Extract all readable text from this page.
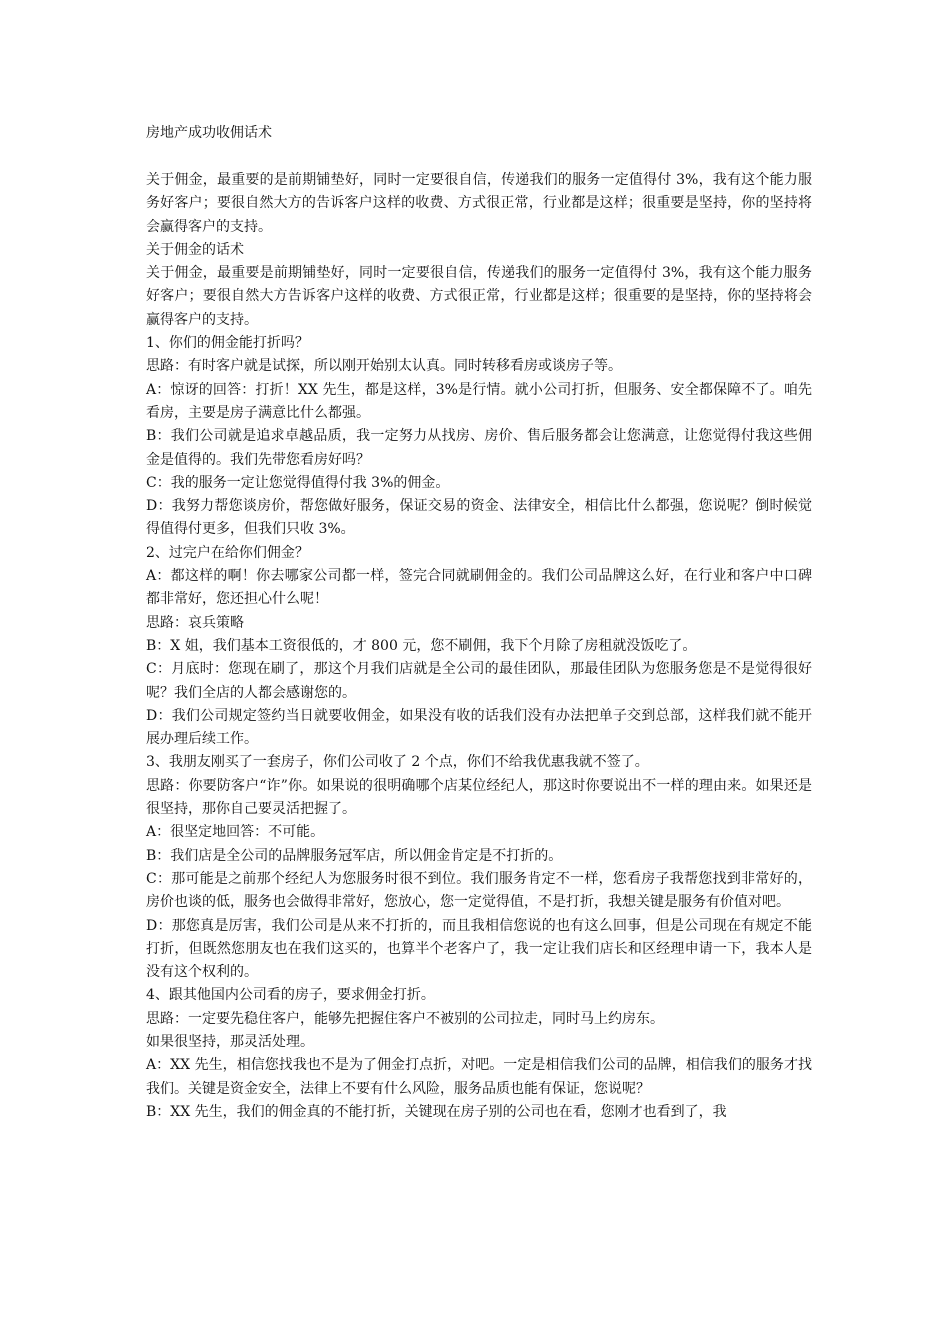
房地产成功收佣话术

关于佣金，最重要的是前期铺垫好，同时一定要很自信，传递我们的服务一定值得付 3%，我有这个能力服务好客户；要很自然大方的告诉客户这样的收费、方式很正常，行业都是这样；很重要是坚持，你的坚持将会赢得客户的支持。

关于佣金的话术

关于佣金，最重要是前期铺垫好，同时一定要很自信，传递我们的服务一定值得付 3%，我有这个能力服务好客户；要很自然大方告诉客户这样的收费、方式很正常，行业都是这样；很重要的是坚持，你的坚持将会赢得客户的支持。

1、你们的佣金能打折吗？

思路：有时客户就是试探，所以刚开始别太认真。同时转移看房或谈房子等。

A：惊讶的回答：打折！XX 先生，都是这样，3%是行情。就小公司打折，但服务、安全都保障不了。咱先看房，主要是房子满意比什么都强。

B：我们公司就是追求卓越品质，我一定努力从找房、房价、售后服务都会让您满意，让您觉得付我这些佣金是值得的。我们先带您看房好吗？

C：我的服务一定让您觉得值得付我 3%的佣金。

D：我努力帮您谈房价，帮您做好服务，保证交易的资金、法律安全，相信比什么都强，您说呢？倒时候觉得值得付更多，但我们只收 3%。

2、过完户在给你们佣金？

A：都这样的啊！你去哪家公司都一样，签完合同就刷佣金的。我们公司品牌这么好，在行业和客户中口碑都非常好，您还担心什么呢！

思路：哀兵策略

B：X 姐，我们基本工资很低的，才 800 元，您不刷佣，我下个月除了房租就没饭吃了。

C：月底时：您现在刷了，那这个月我们店就是全公司的最佳团队，那最佳团队为您服务您是不是觉得很好呢？我们全店的人都会感谢您的。

D：我们公司规定签约当日就要收佣金，如果没有收的话我们没有办法把单子交到总部，这样我们就不能开展办理后续工作。

3、我朋友刚买了一套房子，你们公司收了 2 个点，你们不给我优惠我就不签了。

思路：你要防客户“诈”你。如果说的很明确哪个店某位经纪人，那这时你要说出不一样的理由来。如果还是很坚持，那你自己要灵活把握了。

A：很坚定地回答：不可能。

B：我们店是全公司的品牌服务冠军店，所以佣金肯定是不打折的。

C：那可能是之前那个经纪人为您服务时很不到位。我们服务肯定不一样，您看房子我帮您找到非常好的，房价也谈的低，服务也会做得非常好，您放心，您一定觉得值，不是打折，我想关键是服务有价值对吧。

D：那您真是厉害，我们公司是从来不打折的，而且我相信您说的也有这么回事，但是公司现在有规定不能打折，但既然您朋友也在我们这买的，也算半个老客户了，我一定让我们店长和区经理申请一下，我本人是没有这个权利的。

4、跟其他国内公司看的房子，要求佣金打折。

思路：一定要先稳住客户，能够先把握住客户不被别的公司拉走，同时马上约房东。

如果很坚持，那灵活处理。

A：XX 先生，相信您找我也不是为了佣金打点折，对吧。一定是相信我们公司的品牌，相信我们的服务才找我们。关键是资金安全，法律上不要有什么风险，服务品质也能有保证，您说呢？

B：XX 先生，我们的佣金真的不能打折，关键现在房子别的公司也在看，您刚才也看到了，我
